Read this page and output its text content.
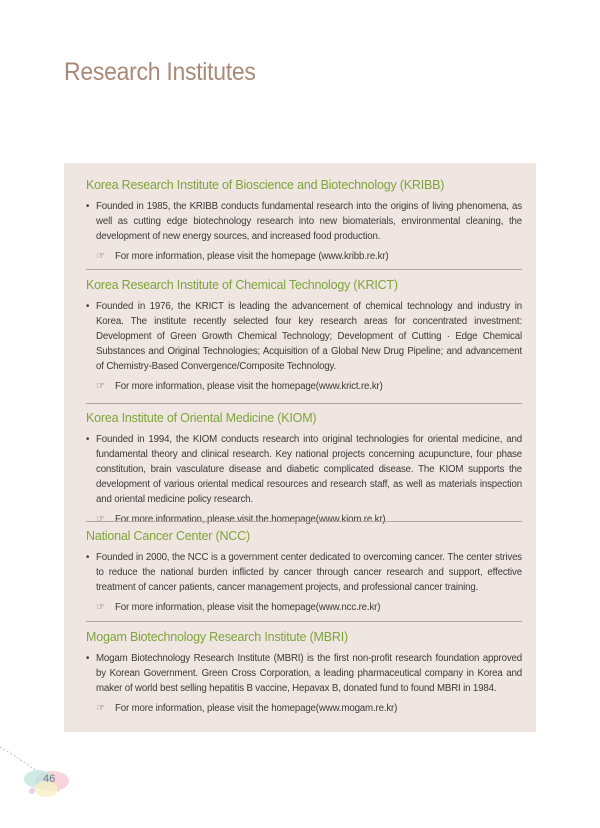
Research Institutes
Korea Research Institute of Bioscience and Biotechnology (KRIBB)
• Founded in 1985, the KRIBB conducts fundamental research into the origins of living phenomena, as well as cutting edge biotechnology research into new biomaterials, environmental cleaning, the development of new energy sources, and increased food production.
☞ For more information, please visit the homepage (www.kribb.re.kr)
Korea Research Institute of Chemical Technology (KRICT)
• Founded in 1976, the KRICT is leading the advancement of chemical technology and industry in Korea. The institute recently selected four key research areas for concentrated investment: Development of Green Growth Chemical Technology; Development of Cutting · Edge Chemical Substances and Original Technologies; Acquisition of a Global New Drug Pipeline; and advancement of Chemistry-Based Convergence/Composite Technology.
☞ For more information, please visit the homepage(www.krict.re.kr)
Korea Institute of Oriental Medicine (KIOM)
• Founded in 1994, the KIOM conducts research into original technologies for oriental medicine, and fundamental theory and clinical research. Key national projects concerning acupuncture, four phase constitution, brain vasculature disease and diabetic complicated disease. The KIOM supports the development of various oriental medical resources and research staff, as well as materials inspection and oriental medicine policy research.
☞ For more information, please visit the homepage(www.kiom.re.kr)
National Cancer Center (NCC)
• Founded in 2000, the NCC is a government center dedicated to overcoming cancer. The center strives to reduce the national burden inflicted by cancer through cancer research and support, effective treatment of cancer patients, cancer management projects, and professional cancer training.
☞ For more information, please visit the homepage(www.ncc.re.kr)
Mogam Biotechnology Research Institute (MBRI)
• Mogam Biotechnology Research Institute (MBRI) is the first non-profit research foundation approved by Korean Government. Green Cross Corporation, a leading pharmaceutical company in Korea and maker of world best selling hepatitis B vaccine, Hepavax B, donated fund to found MBRI in 1984.
☞ For more information, please visit the homepage(www.mogam.re.kr)
46
